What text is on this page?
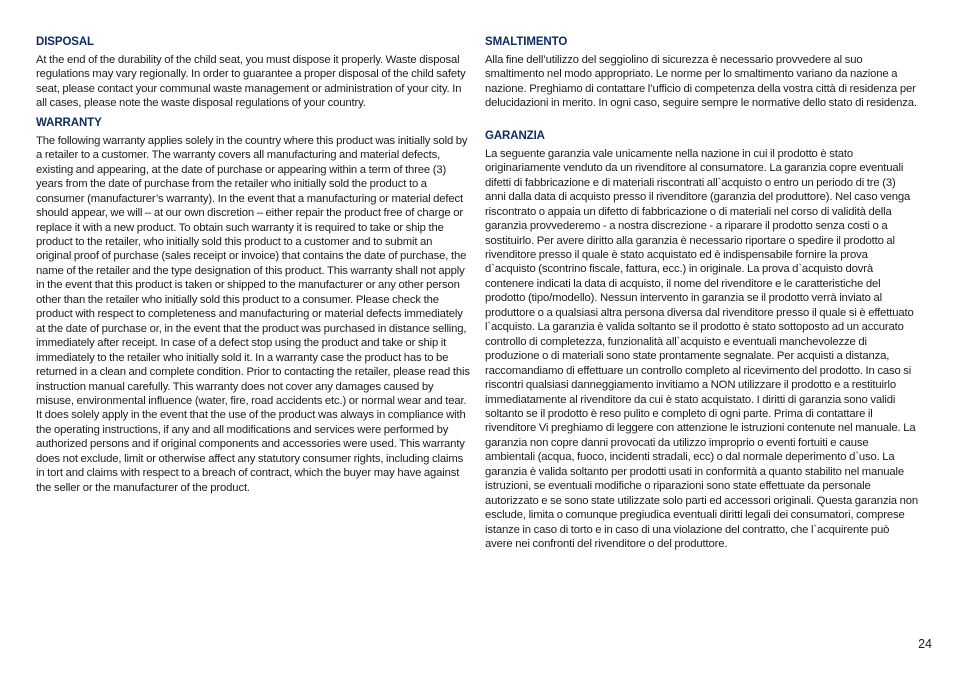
DISPOSAL

At the end of the durability of the child seat, you must dispose it properly. Waste disposal regulations may vary regionally. In order to guarantee a proper disposal of the child safety seat, please contact your communal waste management or administration of your city. In all cases, please note the waste disposal regulations of your country.

WARRANTY

The following warranty applies solely in the country where this product was initially sold by a retailer to a customer. The warranty covers all manufacturing and material defects, existing and appearing, at the date of purchase or appearing within a term of three (3) years from the date of purchase from the retailer who initially sold the product to a consumer (manufacturer’s warranty). In the event that a manufacturing or material defect should appear, we will – at our own discretion – either repair the product free of charge or replace it with a new product. To obtain such warranty it is required to take or ship the product to the retailer, who initially sold this product to a customer and to submit an original proof of purchase (sales receipt or invoice) that contains the date of purchase, the name of the retailer and the type designation of this product. This warranty shall not apply in the event that this product is taken or shipped to the manufacturer or any other person other than the retailer who initially sold this product to a consumer. Please check the product with respect to completeness and manufacturing or material defects immediately at the date of purchase or, in the event that the product was purchased in distance selling, immediately after receipt. In case of a defect stop using the product and take or ship it immediately to the retailer who initially sold it. In a warranty case the product has to be returned in a clean and complete condition. Prior to contacting the retailer, please read this instruction manual carefully. This warranty does not cover any damages caused by misuse, environmental influence (water, fire, road accidents etc.) or normal wear and tear. It does solely apply in the event that the use of the product was always in compliance with the operating instructions, if any and all modifications and services were performed by authorized persons and if original components and accessories were used. This warranty does not exclude, limit or otherwise affect any statutory consumer rights, including claims in tort and claims with respect to a breach of contract, which the buyer may have against the seller or the manufacturer of the product.

SMALTIMENTO

Alla fine dell’utilizzo del seggiolino di sicurezza è necessario provvedere al suo smaltimento nel modo appropriato. Le norme per lo smaltimento variano da nazione a nazione. Preghiamo di contattare l’ufficio di competenza della vostra città di residenza per delucidazioni in merito. In ogni caso, seguire sempre le normative dello stato di residenza.

GARANZIA

La seguente garanzia vale unicamente nella nazione in cui il prodotto è stato originariamente venduto da un rivenditore al consumatore. La garanzia copre eventuali difetti di fabbricazione e di materiali riscontrati all`acquisto o entro un periodo di tre (3) anni dalla data di acquisto presso il rivenditore (garanzia del produttore). Nel caso venga riscontrato o appaia un difetto di fabbricazione o di materiali nel corso di validità della garanzia provvederemo - a nostra discrezione - a riparare il prodotto senza costi o a sostituirlo. Per avere diritto alla garanzia è necessario riportare o spedire il prodotto al rivenditore presso il quale è stato acquistato ed è indispensabile fornire la prova d`acquisto (scontrino fiscale, fattura, ecc.) in originale. La prova d`acquisto dovrà contenere indicati la data di acquisto, il nome del rivenditore e le caratteristiche del prodotto (tipo/modello). Nessun intervento in garanzia se il prodotto verrà inviato al produttore o a qualsiasi altra persona diversa dal rivenditore presso il quale si è effettuato l`acquisto. La garanzia è valida soltanto se il prodotto è stato sottoposto ad un accurato controllo di completezza, funzionalità all`acquisto e eventuali manchevolezze di produzione o di materiali sono state prontamente segnalate. Per acquisti a distanza, raccomandiamo di effettuare un controllo completo al ricevimento del prodotto. In caso si riscontri qualsiasi danneggiamento invitiamo a NON utilizzare il prodotto e a restituirlo immediatamente al rivenditore da cui è stato acquistato. I diritti di garanzia sono validi soltanto se il prodotto è reso pulito e completo di ogni parte. Prima di contattare il rivenditore Vi preghiamo di leggere con attenzione le istruzioni contenute nel manuale. La garanzia non copre danni provocati da utilizzo improprio o eventi fortuiti e cause ambientali (acqua, fuoco, incidenti stradali, ecc) o dal normale deperimento d`uso. La garanzia è valida soltanto per prodotti usati in conformità a quanto stabilito nel manuale istruzioni, se eventuali modifiche o riparazioni sono state effettuate da personale autorizzato e se sono state utilizzate solo parti ed accessori originali. Questa garanzia non esclude, limita o comunque pregiudica eventuali diritti legali dei consumatori, comprese istanze in caso di torto e in caso di una violazione del contratto, che l`acquirente può avere nei confronti del rivenditore o del produttore.

24
